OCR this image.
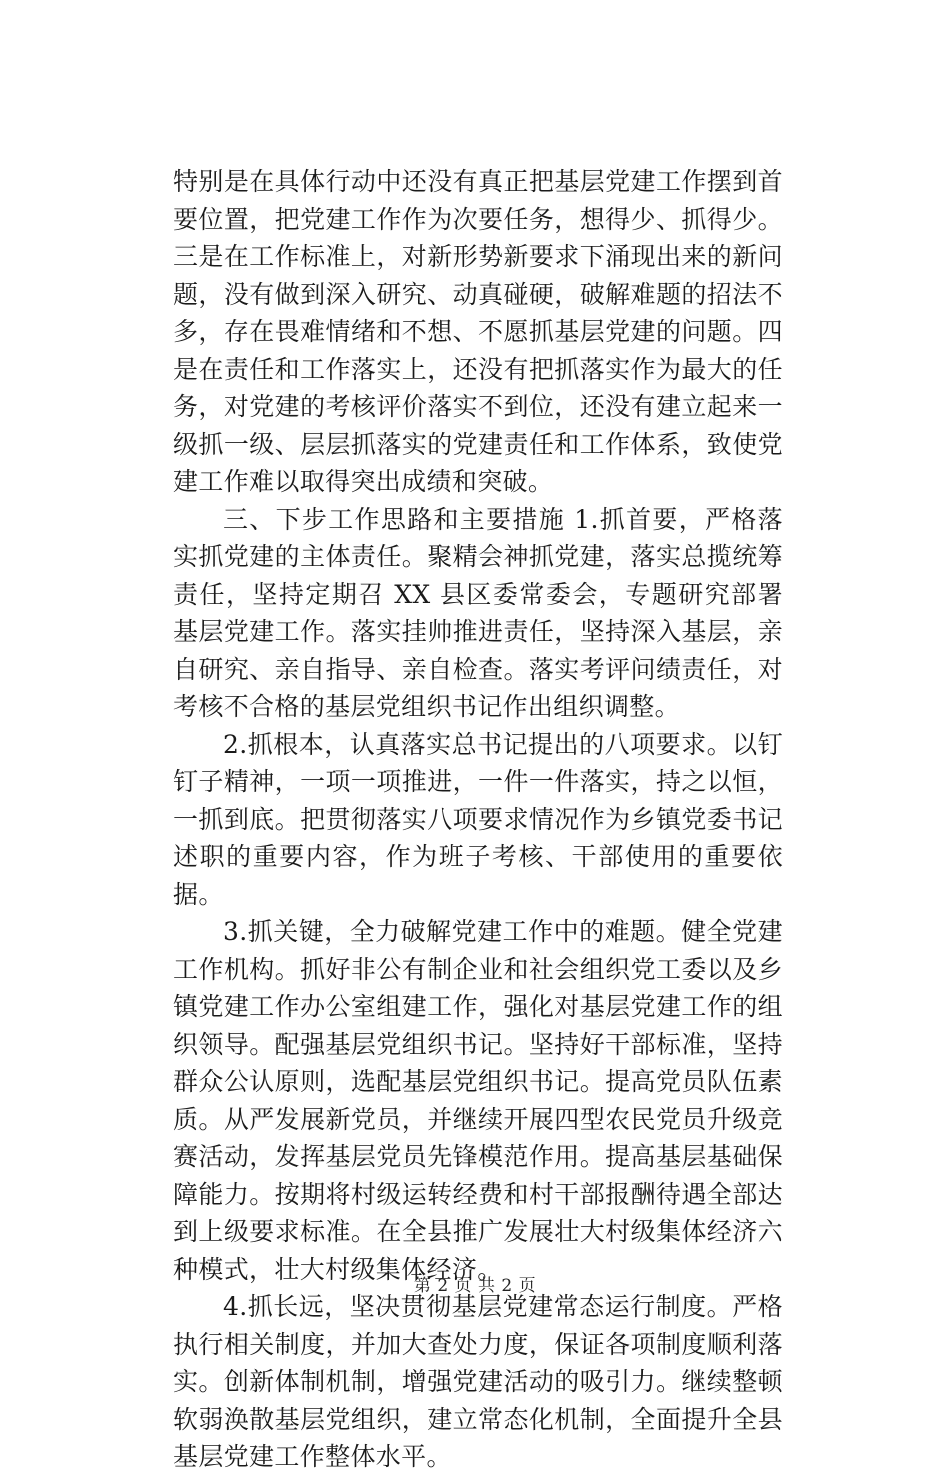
特别是在具体行动中还没有真正把基层党建工作摆到首要位置，把党建工作作为次要任务，想得少、抓得少。三是在工作标准上，对新形势新要求下涌现出来的新问题，没有做到深入研究、动真碰硬，破解难题的招法不多，存在畏难情绪和不想、不愿抓基层党建的问题。四是在责任和工作落实上，还没有把抓落实作为最大的任务，对党建的考核评价落实不到位，还没有建立起来一级抓一级、层层抓落实的党建责任和工作体系，致使党建工作难以取得突出成绩和突破。

三、下步工作思路和主要措施 1.抓首要，严格落实抓党建的主体责任。聚精会神抓党建，落实总揽统筹责任，坚持定期召 XX 县区委常委会，专题研究部署基层党建工作。落实挂帅推进责任，坚持深入基层，亲自研究、亲自指导、亲自检查。落实考评问绩责任，对考核不合格的基层党组织书记作出组织调整。

2.抓根本，认真落实总书记提出的八项要求。以钉钉子精神，一项一项推进，一件一件落实，持之以恒，一抓到底。把贯彻落实八项要求情况作为乡镇党委书记述职的重要内容，作为班子考核、干部使用的重要依据。

3.抓关键，全力破解党建工作中的难题。健全党建工作机构。抓好非公有制企业和社会组织党工委以及乡镇党建工作办公室组建工作，强化对基层党建工作的组织领导。配强基层党组织书记。坚持好干部标准，坚持群众公认原则，选配基层党组织书记。提高党员队伍素质。从严发展新党员，并继续开展四型农民党员升级竞赛活动，发挥基层党员先锋模范作用。提高基层基础保障能力。按期将村级运转经费和村干部报酬待遇全部达到上级要求标准。在全县推广发展壮大村级集体经济六种模式，壮大村级集体经济。

4.抓长远，坚决贯彻基层党建常态运行制度。严格执行相关制度，并加大查处力度，保证各项制度顺利落实。创新体制机制，增强党建活动的吸引力。继续整顿软弱涣散基层党组织，建立常态化机制，全面提升全县基层党建工作整体水平。

第 2 页 共 2 页
